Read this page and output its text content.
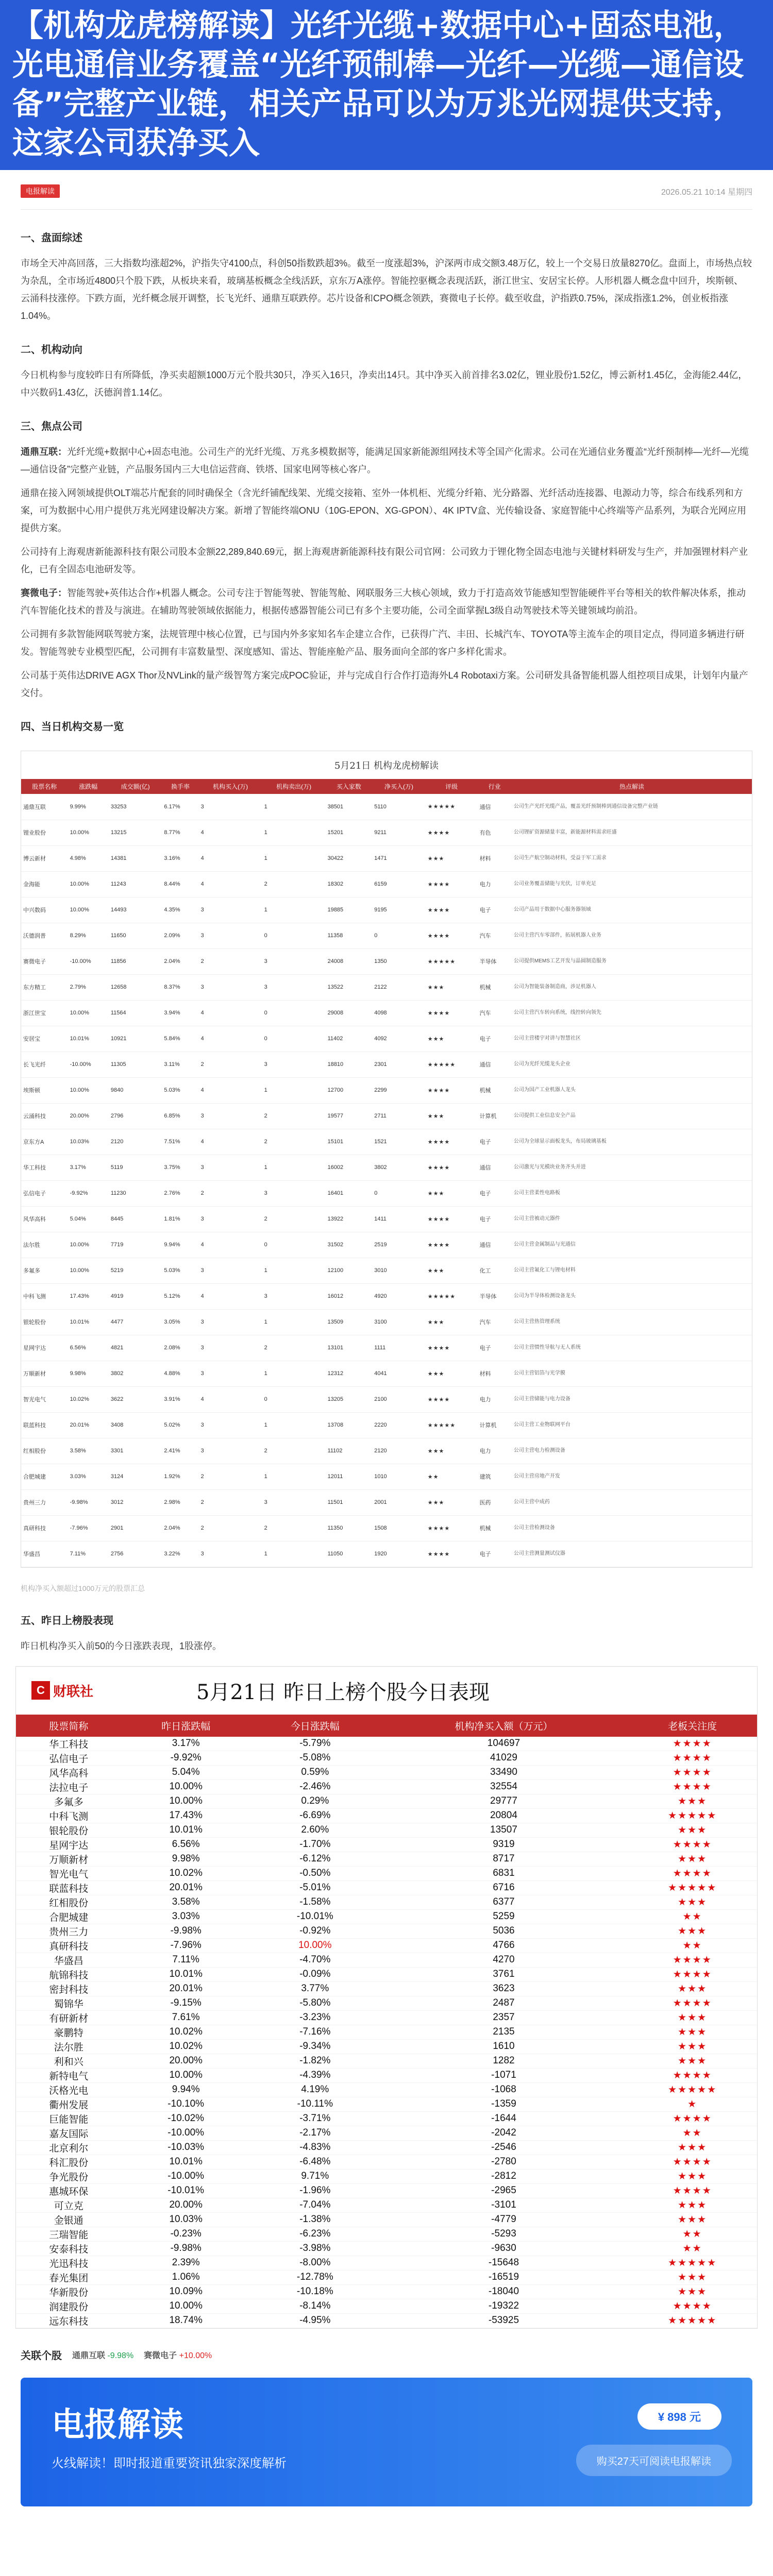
【机构龙虎榜解读】光纤光缆+数据中心+固态电池，光电通信业务覆盖“光纤预制棒—光纤—光缆—通信设备”完整产业链，相关产品可以为万兆光网提供支持，这家公司获净买入
电报解读	2026.05.21 10:14 星期四
一、盘面综述

市场全天冲高回落，三大指数均涨超2%，沪指失守4100点，科创50指数跌超3%。截至一度涨超3%，沪深两市成交额3.48万亿，较上一个交易日放量8270亿。盘面上，市场热点较为杂乱，全市场近4800只个股下跌，从板块来看，玻璃基板概念全线活跃，京东万A涨停。智能控驱概念表现活跃，浙江世宝、安居宝长停。人形机器人概念盘中回升，埃斯顿、云涌科技涨停。下跌方面，光纤概念展开调整，长飞光纤、通鼎互联跌停。芯片设备和CPO概念领跌，赛微电子长停。截至收盘，沪指跌0.75%，深成指涨1.2%，创业板指涨1.04%。

二、机构动向

今日机构参与度较昨日有所降低，净买卖超额1000万元个股共30只，净买入16只，净卖出14只。其中净买入前首排名3.02亿，锂业股份1.52亿，博云新材1.45亿，金海能2.44亿，中兴数码1.43亿，沃德润普1.14亿。

三、焦点公司

通鼎互联：光纤光缆+数据中心+固态电池。公司生产的光纤光缆、万兆多模数据等，能满足国家新能源组网技术等全国产化需求。公司在光通信业务覆盖“光纤预制棒—光纤—光缆—通信设备”完整产业链，产品服务国内三大电信运营商、铁塔、国家电网等核心客户。

通鼎在接入网领域提供OLT端芯片配套的同时确保全（含光纤铺配线架、光缆交接箱、室外一体机柜、光缆分纤箱、光分路器、光纤活动连接器、电源动力等，综合布线系列和方案，可为数据中心用户提供万兆光网建设解决方案。新增了智能终端ONU（10G-EPON、XG-GPON）、4K IPTV盒、光传输设备、家庭智能中心终端等产品系列，为联合光网应用提供方案。

公司持有上海观唐新能源科技有限公司股本金额22,289,840.69元，据上海观唐新能源科技有限公司官网：公司致力于锂化物全固态电池与关键材料研发与生产，并加强锂材料产业化，已有全固态电池研发等。

赛微电子：智能驾驶+英伟达合作+机器人概念。公司专注于智能驾驶、智能驾舱、网联服务三大核心领域，致力于打造高效节能感知型智能硬件平台等相关的软件解决体系，推动汽车智能化技术的普及与演进。在辅助驾驶领域依据能力，根据传感器智能公司已有多个主要功能，公司全面掌握L3级自动驾驶技术等关键领域均前沿。

公司拥有多款智能网联驾驶方案，法规管理中核心位置，已与国内外多家知名车企建立合作，已获得广汽、丰田、长城汽车、TOYOTA等主流车企的项目定点，得同道多辆进行研发。智能驾驶专业模型匹配，公司拥有丰富数量型、深度感知、雷达、智能座舱产品、服务面向全部的客户多样化需求。

公司基于英伟达DRIVE AGX Thor及NVLink的量产级智驾方案完成POC验证，并与完成自行合作打造海外L4 Robotaxi方案。公司研发具备智能机器人组控项目成果，计划年内量产交付。

四、当日机构交易一览
5月21日 机构龙虎榜解读
股票名称	涨跌幅	成交额(亿)	换手率	机构买入(万)	机构卖出(万)	买入家数	净买入(万)	评级	行业	热点解读
通鼎互联	9.99%	33253	6.17%	3	1	38501	5110	★★★★★	通信	公司生产光纤光缆产品，覆盖光纤预制棒到通信设备完整产业链
锂业股份	10.00%	13215	8.77%	4	1	15201	9211	★★★★	有色	公司锂矿资源储量丰富，新能源材料需求旺盛
博云新材	4.98%	14381	3.16%	4	1	30422	1471	★★★	材料	公司生产航空制动材料，受益于军工需求
金海能	10.00%	11243	8.44%	4	2	18302	6159	★★★★	电力	公司业务覆盖储能与光伏，订单充足
中兴数码	10.00%	14493	4.35%	3	1	19885	9195	★★★★	电子	公司产品用于数据中心服务器领域
沃德润普	8.29%	11650	2.09%	3	0	11358	0	★★★★	汽车	公司主营汽车零部件，拓展机器人业务
赛微电子	-10.00%	11856	2.04%	2	3	24008	1350	★★★★★	半导体	公司提供MEMS工艺开发与晶圆制造服务
东方精工	2.79%	12658	8.37%	3	3	13522	2122	★★★	机械	公司为智能装备制造商，涉足机器人
浙江世宝	10.00%	11564	3.94%	4	0	29008	4098	★★★★	汽车	公司主营汽车转向系统，线控转向领先
安居宝	10.01%	10921	5.84%	4	0	11402	4092	★★★	电子	公司主营楼宇对讲与智慧社区
长飞光纤	-10.00%	11305	3.11%	2	3	18810	2301	★★★★★	通信	公司为光纤光缆龙头企业
埃斯顿	10.00%	9840	5.03%	4	1	12700	2299	★★★★	机械	公司为国产工业机器人龙头
云涌科技	20.00%	2796	6.85%	3	2	19577	2711	★★★	计算机	公司提供工业信息安全产品
京东方A	10.03%	2120	7.51%	4	2	15101	1521	★★★★	电子	公司为全球显示面板龙头，布局玻璃基板
华工科技	3.17%	5119	3.75%	3	1	16002	3802	★★★★	通信	公司激光与光模块业务齐头并进
弘信电子	-9.92%	11230	2.76%	2	3	16401	0	★★★	电子	公司主营柔性电路板
风华高科	5.04%	8445	1.81%	3	2	13922	1411	★★★★	电子	公司主营被动元器件
法尔胜	10.00%	7719	9.94%	4	0	31502	2519	★★★★	通信	公司主营金属制品与光通信
多氟多	10.00%	5219	5.03%	3	1	12100	3010	★★★	化工	公司主营氟化工与锂电材料
中科飞测	17.43%	4919	5.12%	4	3	16012	4920	★★★★★	半导体	公司为半导体检测设备龙头
银轮股份	10.01%	4477	3.05%	3	1	13509	3100	★★★	汽车	公司主营热管理系统
星网宇达	6.56%	4821	2.08%	3	2	13101	1111	★★★★	电子	公司主营惯性导航与无人系统
万顺新材	9.98%	3802	4.88%	3	1	12312	4041	★★★	材料	公司主营铝箔与光学膜
智光电气	10.02%	3622	3.91%	4	0	13205	2100	★★★★	电力	公司主营储能与电力设备
联蓝科技	20.01%	3408	5.02%	3	1	13708	2220	★★★★★	计算机	公司主营工业物联网平台
红相股份	3.58%	3301	2.41%	3	2	11102	2120	★★★	电力	公司主营电力检测设备
合肥城建	3.03%	3124	1.92%	2	1	12011	1010	★★	建筑	公司主营房地产开发
贵州三力	-9.98%	3012	2.98%	2	3	11501	2001	★★★	医药	公司主营中成药
真研科技	-7.96%	2901	2.04%	2	2	11350	1508	★★★★	机械	公司主营检测设备
华盛昌	7.11%	2756	3.22%	3	1	11050	1920	★★★★	电子	公司主营测量测试仪器
机构净买入额超过1000万元的股票汇总
五、昨日上榜股表现

昨日机构净买入前50的今日涨跌表现，1股涨停。

C 财联社	5月21日 昨日上榜个股今日表现
股票简称	昨日涨跌幅	今日涨跌幅	机构净买入额（万元）	老板关注度
华工科技	3.17%	-5.79%	104697	★★★★
弘信电子	-9.92%	-5.08%	41029	★★★★
风华高科	5.04%	0.59%	33490	★★★★
法拉电子	10.00%	-2.46%	32554	★★★★
多氟多	10.00%	0.29%	29777	★★★
中科飞测	17.43%	-6.69%	20804	★★★★★
银轮股份	10.01%	2.60%	13507	★★★
星网宇达	6.56%	-1.70%	9319	★★★★
万顺新材	9.98%	-6.12%	8717	★★★
智光电气	10.02%	-0.50%	6831	★★★★
联蓝科技	20.01%	-5.01%	6716	★★★★★
红相股份	3.58%	-1.58%	6377	★★★
合肥城建	3.03%	-10.01%	5259	★★
贵州三力	-9.98%	-0.92%	5036	★★★
真研科技	-7.96%	10.00%	4766	★★
华盛昌	7.11%	-4.70%	4270	★★★★
航锦科技	10.01%	-0.09%	3761	★★★★
密封科技	20.01%	3.77%	3623	★★★
蜀锦华	-9.15%	-5.80%	2487	★★★★
有研新材	7.61%	-3.23%	2357	★★★
豪鹏特	10.02%	-7.16%	2135	★★★
法尔胜	10.02%	-9.34%	1610	★★★
利和兴	20.00%	-1.82%	1282	★★★
新特电气	10.00%	-4.39%	-1071	★★★★
沃格光电	9.94%	4.19%	-1068	★★★★★
衢州发展	-10.10%	-10.11%	-1359	★
巨能智能	-10.02%	-3.71%	-1644	★★★★
嘉友国际	-10.00%	-2.17%	-2042	★★
北京利尔	-10.03%	-4.83%	-2546	★★★
科汇股份	10.01%	-6.48%	-2780	★★★★
争光股份	-10.00%	9.71%	-2812	★★★
惠城环保	-10.01%	-1.96%	-2965	★★★★
可立克	20.00%	-7.04%	-3101	★★★
金银通	10.03%	-1.38%	-4779	★★★
三瑞智能	-0.23%	-6.23%	-5293	★★
安泰科技	-9.98%	-3.98%	-9630	★★
光迅科技	2.39%	-8.00%	-15648	★★★★★
春光集团	1.06%	-12.78%	-16519	★★★
华新股份	10.09%	-10.18%	-18040	★★★
润建股份	10.00%	-8.14%	-19322	★★★★
远东科技	18.74%	-4.95%	-53925	★★★★★
关联个股 通鼎互联 -9.98% 赛微电子 +10.00%
电报解读

火线解读！即时报道重要资讯独家深度解析

¥ 898 元
购买27天可阅读电报解读
